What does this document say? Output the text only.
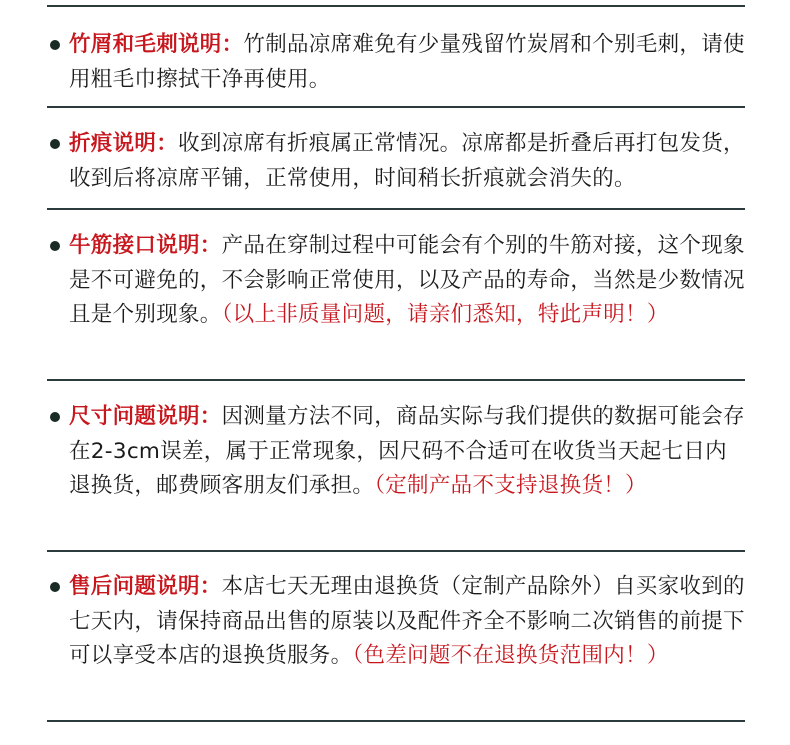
竹屑和毛刺说明：竹制品凉席难免有少量残留竹炭屑和个别毛刺，请使用粗毛巾擦拭干净再使用。

折痕说明：收到凉席有折痕属正常情况。凉席都是折叠后再打包发货，收到后将凉席平铺，正常使用，时间稍长折痕就会消失的。

牛筋接口说明：产品在穿制过程中可能会有个别的牛筋对接，这个现象是不可避免的，不会影响正常使用，以及产品的寿命，当然是少数情况且是个别现象。（以上非质量问题，请亲们悉知，特此声明！）

尺寸问题说明：因测量方法不同，商品实际与我们提供的数据可能会存在2-3cm误差，属于正常现象，因尺码不合适可在收货当天起七日内退换货，邮费顾客朋友们承担。（定制产品不支持退换货！）

售后问题说明：本店七天无理由退换货（定制产品除外）自买家收到的七天内，请保持商品出售的原装以及配件齐全不影响二次销售的前提下可以享受本店的退换货服务。（色差问题不在退换货范围内！）
